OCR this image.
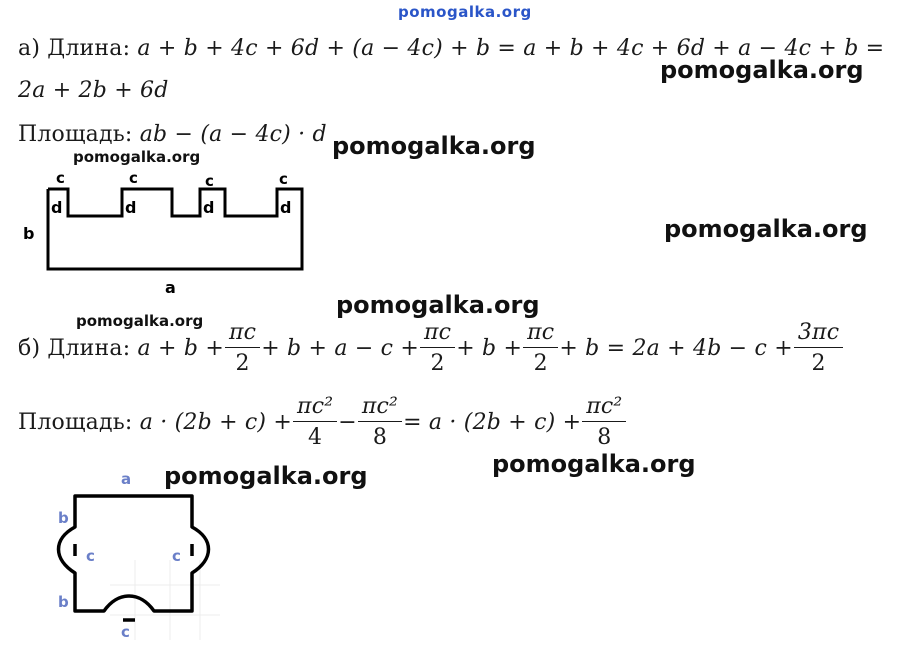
pomogalka.org
а) Длина: a + b + 4c + 6d + (a − 4c) + b = a + b + 4c + 6d + a − 4c + b =
2a + 2b + 6d
pomogalka.org
Площадь: ab − (a − 4c) · d pomogalka.org
pomogalka.org
c	c	c	c
d	d	d	d
b
a
pomogalka.org
pomogalka.org
pomogalka.org
б) Длина:
$a + b + \frac{\pi c}{2} + b + a - c + \frac{\pi c}{2} + b + \frac{\pi c}{2} + b = 2a + 4b - c + \frac{3\pi c}{2}$
Площадь:
$a \cdot (2b + c) + \frac{\text{πc²}}{4} - \frac{\text{πc²}}{8} = a \cdot (2b + c) + \frac{\text{πc²}}{8}$
pomogalka.org
pomogalka.org
a
b
b
c	c
c
